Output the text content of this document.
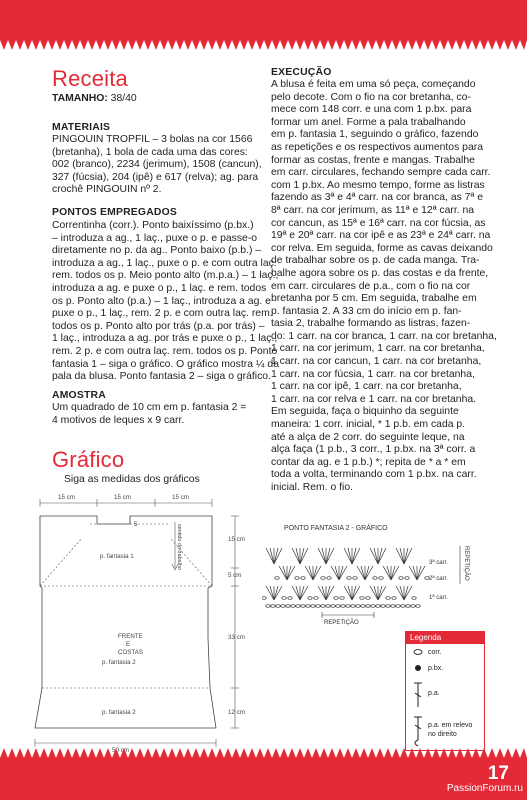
Receita
TAMANHO: 38/40
MATERIAIS
PINGOUIN TROPFIL – 3 bolas na cor 1566
(bretanha), 1 bola de cada uma das cores:
002 (branco), 2234 (jerimum), 1508 (cancun),
327 (fúcsia), 204 (ipê) e 617 (relva); ag. para
crochê PINGOUIN nº 2.
PONTOS EMPREGADOS
Correntinha (corr.). Ponto baixíssimo (p.bx.)
– introduza a ag., 1 laç., puxe o p. e passe-o
diretamente no p. da ag.. Ponto baixo (p.b.) –
introduza a ag., 1 laç., puxe o p. e com outra laç.
rem. todos os p. Meio ponto alto (m.p.a.) – 1 laç.,
introduza a ag. e puxe o p., 1 laç. e rem. todos
os p. Ponto alto (p.a.) – 1 laç., introduza a ag. e
puxe o p., 1 laç., rem. 2 p. e com outra laç. rem.
todos os p. Ponto alto por trás (p.a. por trás) –
1 laç., introduza a ag. por trás e puxe o p., 1 laç.,
rem. 2 p. e com outra laç. rem. todos os p. Ponto
fantasia 1 – siga o gráfico. O gráfico mostra ¼ da
pala da blusa. Ponto fantasia 2 – siga o gráfico.
AMOSTRA
Um quadrado de 10 cm em p. fantasia 2 =
4 motivos de leques x 9 carr.
Gráfico
Siga as medidas dos gráficos
15 cm	15 cm	15 cm
5
p. fantasia 1
FRENTE
E
COSTAS
p. fantasia 2
p. fantasia 2
15 cm
5 cm
33 cm
12 cm
50 cm
sentido do trabalho
EXECUÇÃO
A blusa é feita em uma só peça, começando
pelo decote. Com o fio na cor bretanha, co-
mece com 148 corr. e una com 1 p.bx. para
formar um anel. Forme a pala trabalhando
em p. fantasia 1, seguindo o gráfico, fazendo
as repetições e os respectivos aumentos para
formar as costas, frente e mangas. Trabalhe
em carr. circulares, fechando sempre cada carr.
com 1 p.bx. Ao mesmo tempo, forme as listras
fazendo as 3ª e 4ª carr. na cor branca, as 7ª e
8ª carr. na cor jerimum, as 11ª e 12ª carr. na
cor cancun, as 15ª e 16ª carr. na cor fúcsia, as
19ª e 20ª carr. na cor ipê e as 23ª e 24ª carr. na
cor relva. Em seguida, forme as cavas deixando
de trabalhar sobre os p. de cada manga. Tra-
balhe agora sobre os p. das costas e da frente,
em carr. circulares de p.a., com o fio na cor
bretanha por 5 cm. Em seguida, trabalhe em
p. fantasia 2. A 33 cm do início em p. fan-
tasia 2, trabalhe formando as listras, fazen-
do: 1 carr. na cor branca, 1 carr. na cor bretanha,
1 carr. na cor jerimum, 1 carr. na cor bretanha,
1 carr. na cor cancun, 1 carr. na cor bretanha,
1 carr. na cor fúcsia, 1 carr. na cor bretanha,
1 carr. na cor ipê, 1 carr. na cor bretanha,
1 carr. na cor relva e 1 carr. na cor bretanha.
Em seguida, faça o biquinho da seguinte
maneira: 1 corr. inicial, * 1 p.b. em cada p.
até a alça de 2 corr. do seguinte leque, na
alça faça (1 p.b., 3 corr., 1 p.bx. na 3ª corr. a
contar da ag. e 1 p.b.) *; repita de * a * em
toda a volta, terminando com 1 p.bx. na carr.
inicial. Rem. o fio.
PONTO FANTASIA 2 - GRÁFICO
3ª carr.
2ª carr.
1ª carr.
REPETIÇÃO
REPETIÇÃO
Legenda
corr.
p.bx.
p.a.
p.a. em relevo
no direito
17
PassionForum.ru
